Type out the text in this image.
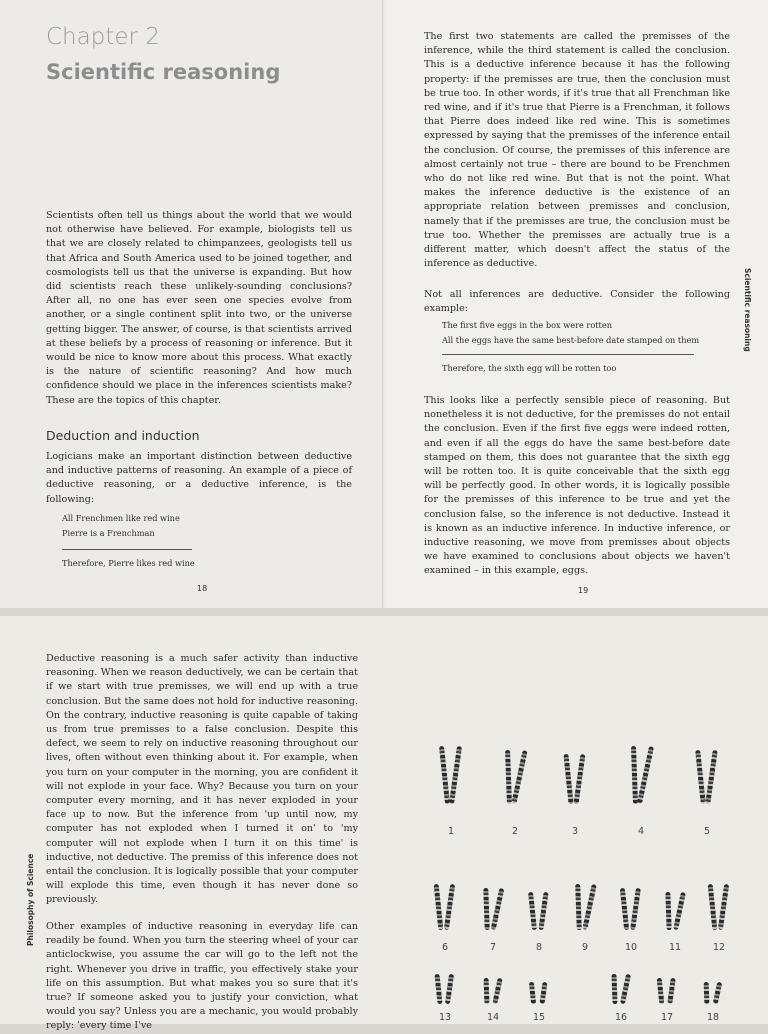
Chapter 2
Scientific reasoning
Scientists often tell us things about the world that we would not otherwise have believed. For example, biologists tell us that we are closely related to chimpanzees, geologists tell us that Africa and South America used to be joined together, and cosmologists tell us that the universe is expanding. But how did scientists reach these unlikely-sounding conclusions? After all, no one has ever seen one species evolve from another, or a single continent split into two, or the universe getting bigger. The answer, of course, is that scientists arrived at these beliefs by a process of reasoning or inference. But it would be nice to know more about this process. What exactly is the nature of scientific reasoning? And how much confidence should we place in the inferences scientists make? These are the topics of this chapter.
Deduction and induction
Logicians make an important distinction between deductive and inductive patterns of reasoning. An example of a piece of deductive reasoning, or a deductive inference, is the following:
All Frenchmen like red wine
Pierre is a Frenchman
Therefore, Pierre likes red wine
18
The first two statements are called the premisses of the inference, while the third statement is called the conclusion. This is a deductive inference because it has the following property: if the premisses are true, then the conclusion must be true too. In other words, if it's true that all Frenchman like red wine, and if it's true that Pierre is a Frenchman, it follows that Pierre does indeed like red wine. This is sometimes expressed by saying that the premisses of the inference entail the conclusion. Of course, the premisses of this inference are almost certainly not true – there are bound to be Frenchmen who do not like red wine. But that is not the point. What makes the inference deductive is the existence of an appropriate relation between premisses and conclusion, namely that if the premisses are true, the conclusion must be true too. Whether the premisses are actually true is a different matter, which doesn't affect the status of the inference as deductive.
Not all inferences are deductive. Consider the following example:
The first five eggs in the box were rotten
All the eggs have the same best-before date stamped on them
Therefore, the sixth egg will be rotten too
This looks like a perfectly sensible piece of reasoning. But nonetheless it is not deductive, for the premisses do not entail the conclusion. Even if the first five eggs were indeed rotten, and even if all the eggs do have the same best-before date stamped on them, this does not guarantee that the sixth egg will be rotten too. It is quite conceivable that the sixth egg will be perfectly good. In other words, it is logically possible for the premisses of this inference to be true and yet the conclusion false, so the inference is not deductive. Instead it is known as an inductive inference. In inductive inference, or inductive reasoning, we move from premisses about objects we have examined to conclusions about objects we haven't examined – in this example, eggs.
19
Scientific reasoning
Deductive reasoning is a much safer activity than inductive reasoning. When we reason deductively, we can be certain that if we start with true premisses, we will end up with a true conclusion. But the same does not hold for inductive reasoning. On the contrary, inductive reasoning is quite capable of taking us from true premisses to a false conclusion. Despite this defect, we seem to rely on inductive reasoning throughout our lives, often without even thinking about it. For example, when you turn on your computer in the morning, you are confident it will not explode in your face. Why? Because you turn on your computer every morning, and it has never exploded in your face up to now. But the inference from 'up until now, my computer has not exploded when I turned it on' to 'my computer will not explode when I turn it on this time' is inductive, not deductive. The premiss of this inference does not entail the conclusion. It is logically possible that your computer will explode this time, even though it has never done so previously.
Other examples of inductive reasoning in everyday life can readily be found. When you turn the steering wheel of your car anticlockwise, you assume the car will go to the left not the right. Whenever you drive in traffic, you effectively stake your life on this assumption. But what makes you so sure that it's true? If someone asked you to justify your conviction, what would you say? Unless you are a mechanic, you would probably reply: 'every time I've
Philosophy of Science
1	2	3	4	5
6	7	8	9	10	11	12
13	14	15	16	17	18
